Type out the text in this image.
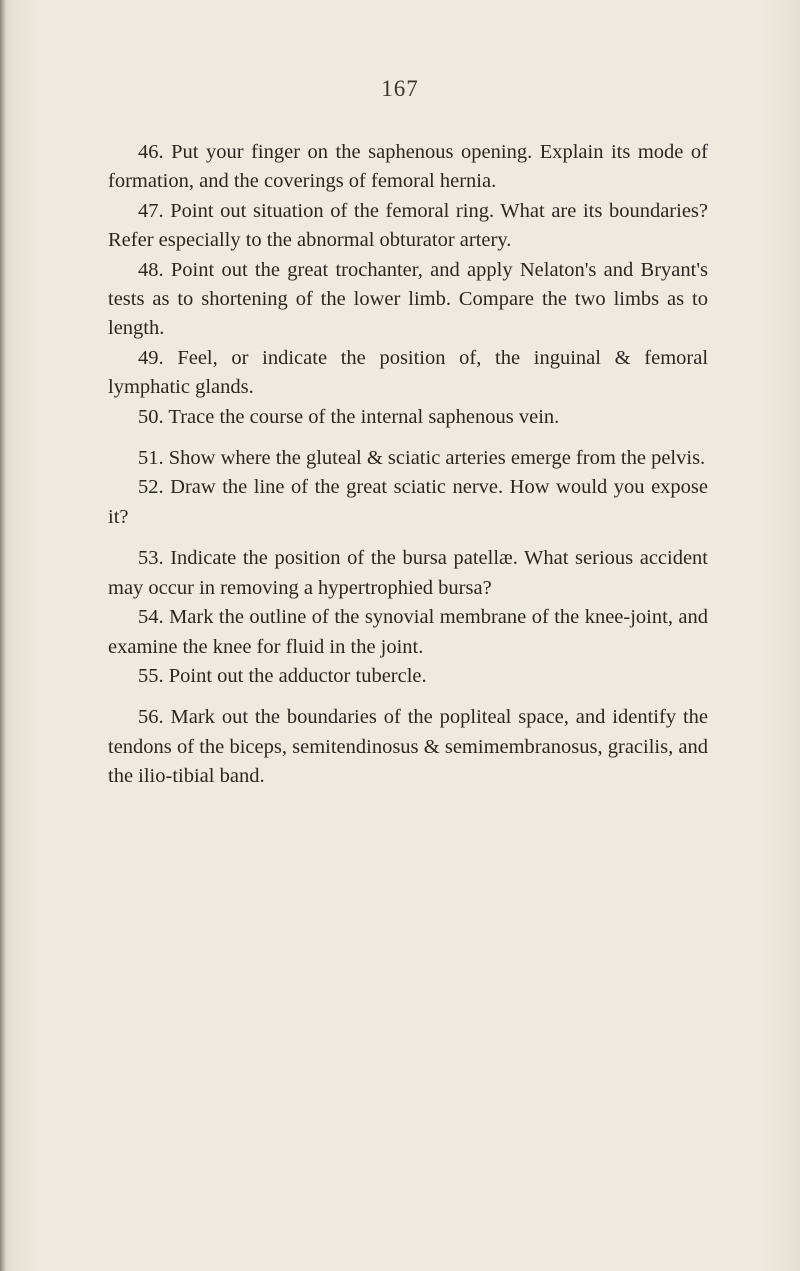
167

46. Put your finger on the saphenous opening. Explain its mode of formation, and the coverings of femoral hernia.

47. Point out situation of the femoral ring. What are its boundaries? Refer especially to the abnormal obturator artery.

48. Point out the great trochanter, and apply Nelaton's and Bryant's tests as to shortening of the lower limb. Compare the two limbs as to length.

49. Feel, or indicate the position of, the inguinal & femoral lymphatic glands.

50. Trace the course of the internal saphenous vein.

51. Show where the gluteal & sciatic arteries emerge from the pelvis.

52. Draw the line of the great sciatic nerve. How would you expose it?

53. Indicate the position of the bursa patellæ. What serious accident may occur in removing a hypertrophied bursa?

54. Mark the outline of the synovial membrane of the knee-joint, and examine the knee for fluid in the joint.

55. Point out the adductor tubercle.

56. Mark out the boundaries of the popliteal space, and identify the tendons of the biceps, semitendinosus & semimembranosus, gracilis, and the ilio-tibial band.
